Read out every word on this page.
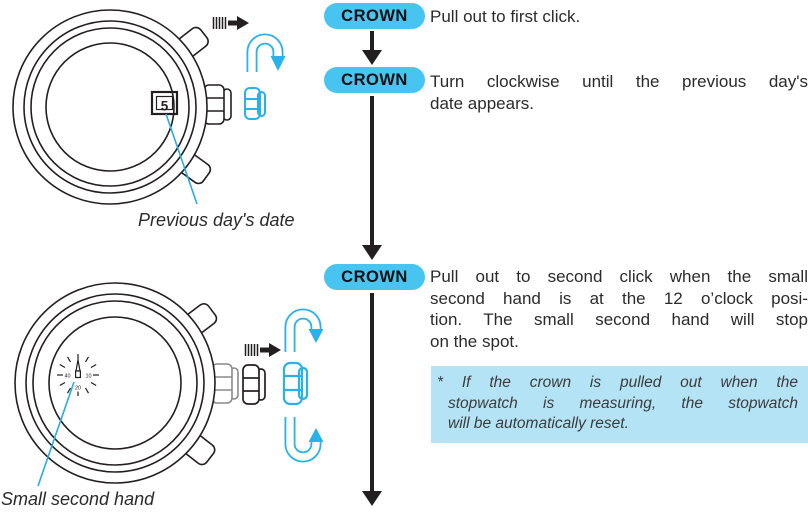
5
Previous day's date
40	10
20
Small second hand
CROWN
CROWN
CROWN
Pull out to first click.
Turn clockwise until the previous day's
date appears.
Pull out to second click when the small
second hand is at the 12 o’clock posi-
tion. The small second hand will stop
on the spot.
* If the crown is pulled out when the
stopwatch is measuring, the stopwatch
will be automatically reset.
